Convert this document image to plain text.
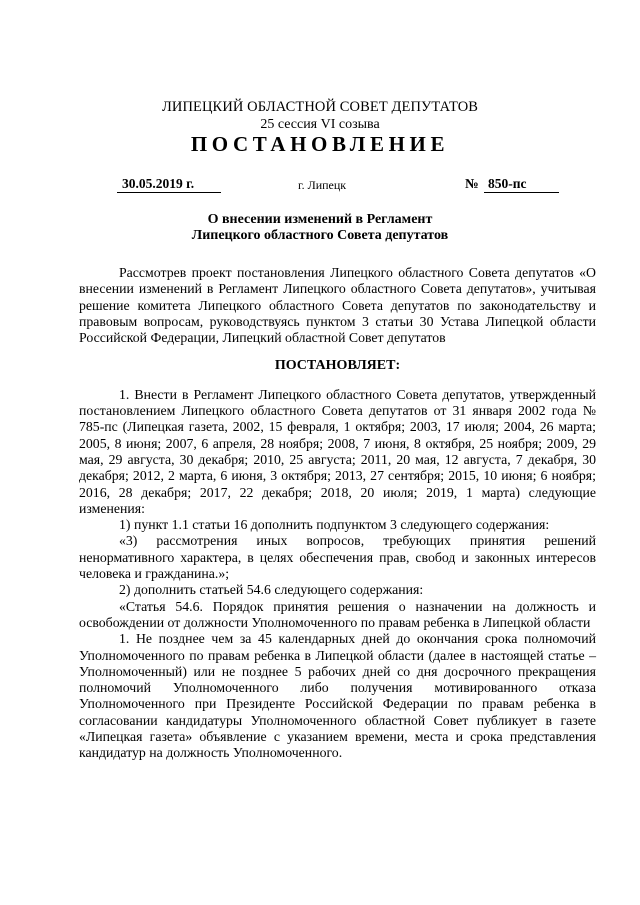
ЛИПЕЦКИЙ ОБЛАСТНОЙ СОВЕТ ДЕПУТАТОВ
25 сессия VI созыва
ПОСТАНОВЛЕНИЕ
30.05.2019 г.	г. Липецк	№ 850-пс
О внесении изменений в Регламент
Липецкого областного Совета депутатов

Рассмотрев проект постановления Липецкого областного Совета депутатов «О внесении изменений в Регламент Липецкого областного Совета депутатов», учитывая решение комитета Липецкого областного Совета депутатов по законодательству и правовым вопросам, руководствуясь пунктом 3 статьи 30 Устава Липецкой области Российской Федерации, Липецкий областной Совет депутатов

ПОСТАНОВЛЯЕТ:

1. Внести в Регламент Липецкого областного Совета депутатов, утвержденный постановлением Липецкого областного Совета депутатов от 31 января 2002 года № 785-пс (Липецкая газета, 2002, 15 февраля, 1 октября; 2003, 17 июля; 2004, 26 марта; 2005, 8 июня; 2007, 6 апреля, 28 ноября; 2008, 7 июня, 8 октября, 25 ноября; 2009, 29 мая, 29 августа, 30 декабря; 2010, 25 августа; 2011, 20 мая, 12 августа, 7 декабря, 30 декабря; 2012, 2 марта, 6 июня, 3 октября; 2013, 27 сентября; 2015, 10 июня; 6 ноября; 2016, 28 декабря; 2017, 22 декабря; 2018, 20 июля; 2019, 1 марта) следующие изменения:

1) пункт 1.1 статьи 16 дополнить подпунктом 3 следующего содержания:

«3) рассмотрения иных вопросов, требующих принятия решений ненормативного характера, в целях обеспечения прав, свобод и законных интересов человека и гражданина.»;

2) дополнить статьей 54.6 следующего содержания:

«Статья 54.6. Порядок принятия решения о назначении на должность и освобождении от должности Уполномоченного по правам ребенка в Липецкой области

1. Не позднее чем за 45 календарных дней до окончания срока полномочий Уполномоченного по правам ребенка в Липецкой области (далее в настоящей статье – Уполномоченный) или не позднее 5 рабочих дней со дня досрочного прекращения полномочий Уполномоченного либо получения мотивированного отказа Уполномоченного при Президенте Российской Федерации по правам ребенка в согласовании кандидатуры Уполномоченного областной Совет публикует в газете «Липецкая газета» объявление с указанием времени, места и срока представления кандидатур на должность Уполномоченного.
